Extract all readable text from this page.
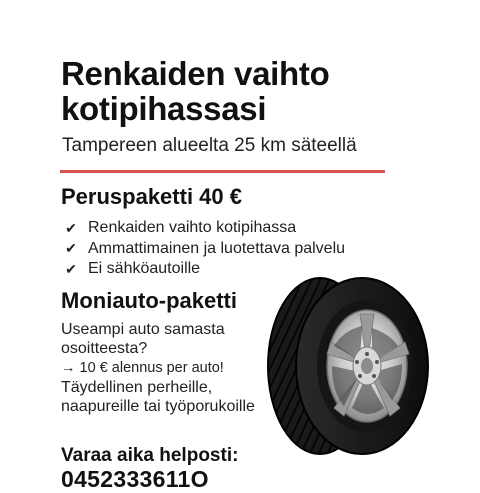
Renkaiden vaihto
kotipihassasi
Tampereen alueelta 25 km säteellä
Peruspaketti 40 €
✔ Renkaiden vaihto kotipihassa
✔ Ammattimainen ja luotettava palvelu
✔ Ei sähköautoille
Moniauto-paketti
Useampi auto samasta osoitteesta?
→ 10 € alennus per auto!
Täydellinen perheille, naapureille tai työporukoille
Varaa aika helposti:
0452333611O
